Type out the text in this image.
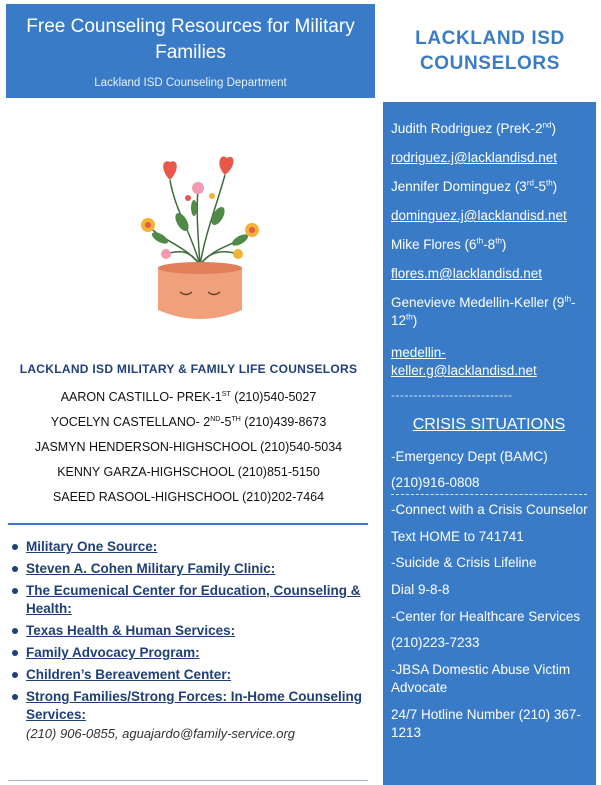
Free Counseling Resources for Military Families
Lackland ISD Counseling Department
LACKLAND ISD COUNSELORS
LACKLAND ISD MILITARY & FAMILY LIFE COUNSELORS
AARON CASTILLO- PREK-1ST (210)540-5027
YOCELYN CASTELLANO- 2ND-5TH (210)439-8673
JASMYN HENDERSON-HIGHSCHOOL (210)540-5034
KENNY GARZA-HIGHSCHOOL (210)851-5150
SAEED RASOOL-HIGHSCHOOL (210)202-7464
Military One Source:
Steven A. Cohen Military Family Clinic:
The Ecumenical Center for Education, Counseling & Health:
Texas Health & Human Services:
Family Advocacy Program:
Children’s Bereavement Center:
Strong Families/Strong Forces: In-Home Counseling Services:
(210) 906-0855, aguajardo@family-service.org
Judith Rodriguez (PreK-2nd)
rodriguez.j@lacklandisd.net
Jennifer Dominguez (3rd-5th)
dominguez.j@lacklandisd.net
Mike Flores (6th-8th)
flores.m@lacklandisd.net
Genevieve Medellin-Keller (9th-12th)
medellin-
keller.g@lacklandisd.net
---------------------------
CRISIS SITUATIONS
-Emergency Dept (BAMC)
(210)916-0808
-Connect with a Crisis Counselor
Text HOME to 741741
-Suicide & Crisis Lifeline
Dial 9-8-8
-Center for Healthcare Services
(210)223-7233
-JBSA Domestic Abuse Victim Advocate
24/7 Hotline Number (210) 367-1213
